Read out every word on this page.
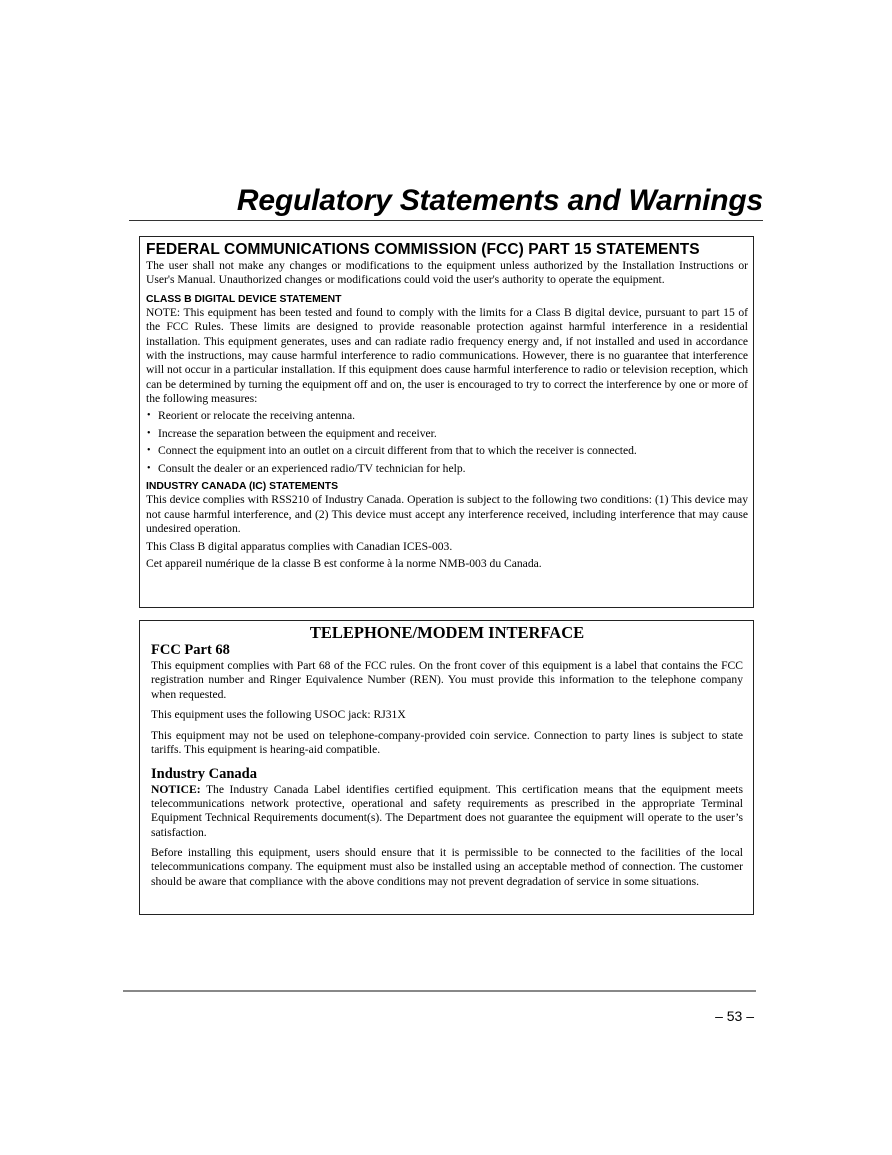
Regulatory Statements and Warnings
FEDERAL COMMUNICATIONS COMMISSION (FCC) PART 15 STATEMENTS

The user shall not make any changes or modifications to the equipment unless authorized by the Installation Instructions or User's Manual. Unauthorized changes or modifications could void the user's authority to operate the equipment.

CLASS B DIGITAL DEVICE STATEMENT

NOTE: This equipment has been tested and found to comply with the limits for a Class B digital device, pursuant to part 15 of the FCC Rules. These limits are designed to provide reasonable protection against harmful interference in a residential installation. This equipment generates, uses and can radiate radio frequency energy and, if not installed and used in accordance with the instructions, may cause harmful interference to radio communications. However, there is no guarantee that interference will not occur in a particular installation. If this equipment does cause harmful interference to radio or television reception, which can be determined by turning the equipment off and on, the user is encouraged to try to correct the interference by one or more of the following measures:

• Reorient or relocate the receiving antenna.
• Increase the separation between the equipment and receiver.
• Connect the equipment into an outlet on a circuit different from that to which the receiver is connected.
• Consult the dealer or an experienced radio/TV technician for help.
INDUSTRY CANADA (IC) STATEMENTS

This device complies with RSS210 of Industry Canada. Operation is subject to the following two conditions: (1) This device may not cause harmful interference, and (2) This device must accept any interference received, including interference that may cause undesired operation.

This Class B digital apparatus complies with Canadian ICES-003.

Cet appareil numérique de la classe B est conforme à la norme NMB-003 du Canada.

TELEPHONE/MODEM INTERFACE
FCC Part 68

This equipment complies with Part 68 of the FCC rules. On the front cover of this equipment is a label that contains the FCC registration number and Ringer Equivalence Number (REN). You must provide this information to the telephone company when requested.

This equipment uses the following USOC jack: RJ31X

This equipment may not be used on telephone-company-provided coin service. Connection to party lines is subject to state tariffs. This equipment is hearing-aid compatible.

Industry Canada

NOTICE: The Industry Canada Label identifies certified equipment. This certification means that the equipment meets telecommunications network protective, operational and safety requirements as prescribed in the appropriate Terminal Equipment Technical Requirements document(s). The Department does not guarantee the equipment will operate to the user’s satisfaction.

Before installing this equipment, users should ensure that it is permissible to be connected to the facilities of the local telecommunications company. The equipment must also be installed using an acceptable method of connection. The customer should be aware that compliance with the above conditions may not prevent degradation of service in some situations.

– 53 –
